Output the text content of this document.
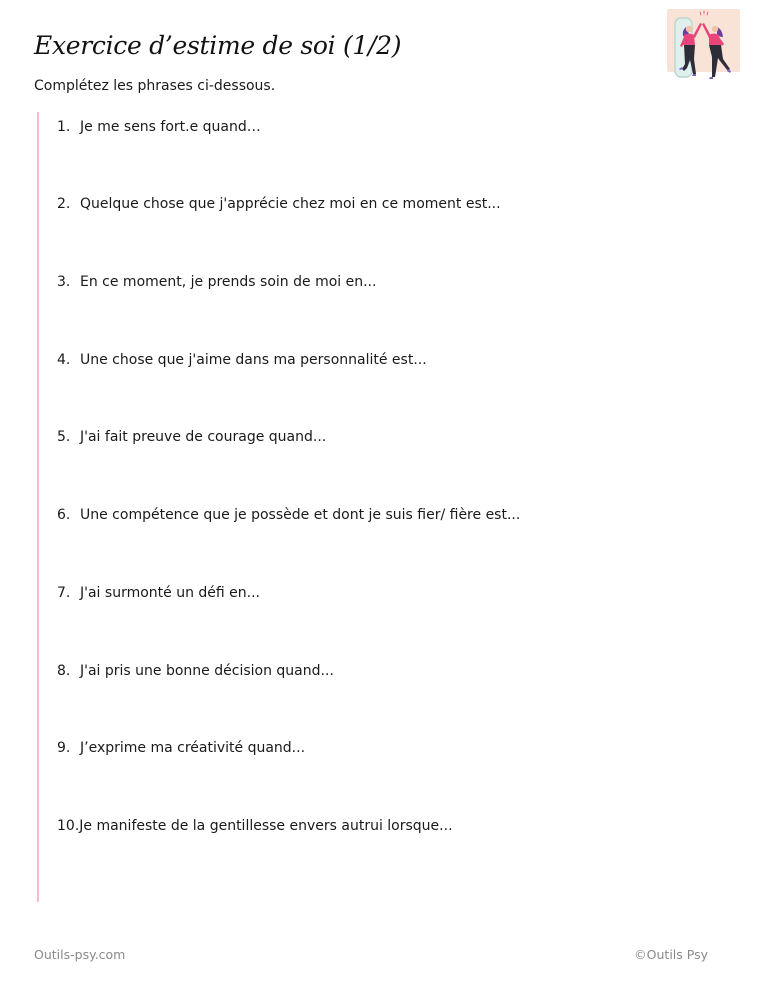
Exercice d’estime de soi (1/2)

Complétez les phrases ci-dessous.

1. Je me sens fort.e quand…
2. Quelque chose que j'apprécie chez moi en ce moment est...
3. En ce moment, je prends soin de moi en...
4. Une chose que j'aime dans ma personnalité est...
5. J'ai fait preuve de courage quand...
6. Une compétence que je possède et dont je suis fier/ fière est...
7. J'ai surmonté un défi en...
8. J'ai pris une bonne décision quand...
9. J’exprime ma créativité quand...
10.Je manifeste de la gentillesse envers autrui lorsque...
Outils-psy.com	©Outils Psy
